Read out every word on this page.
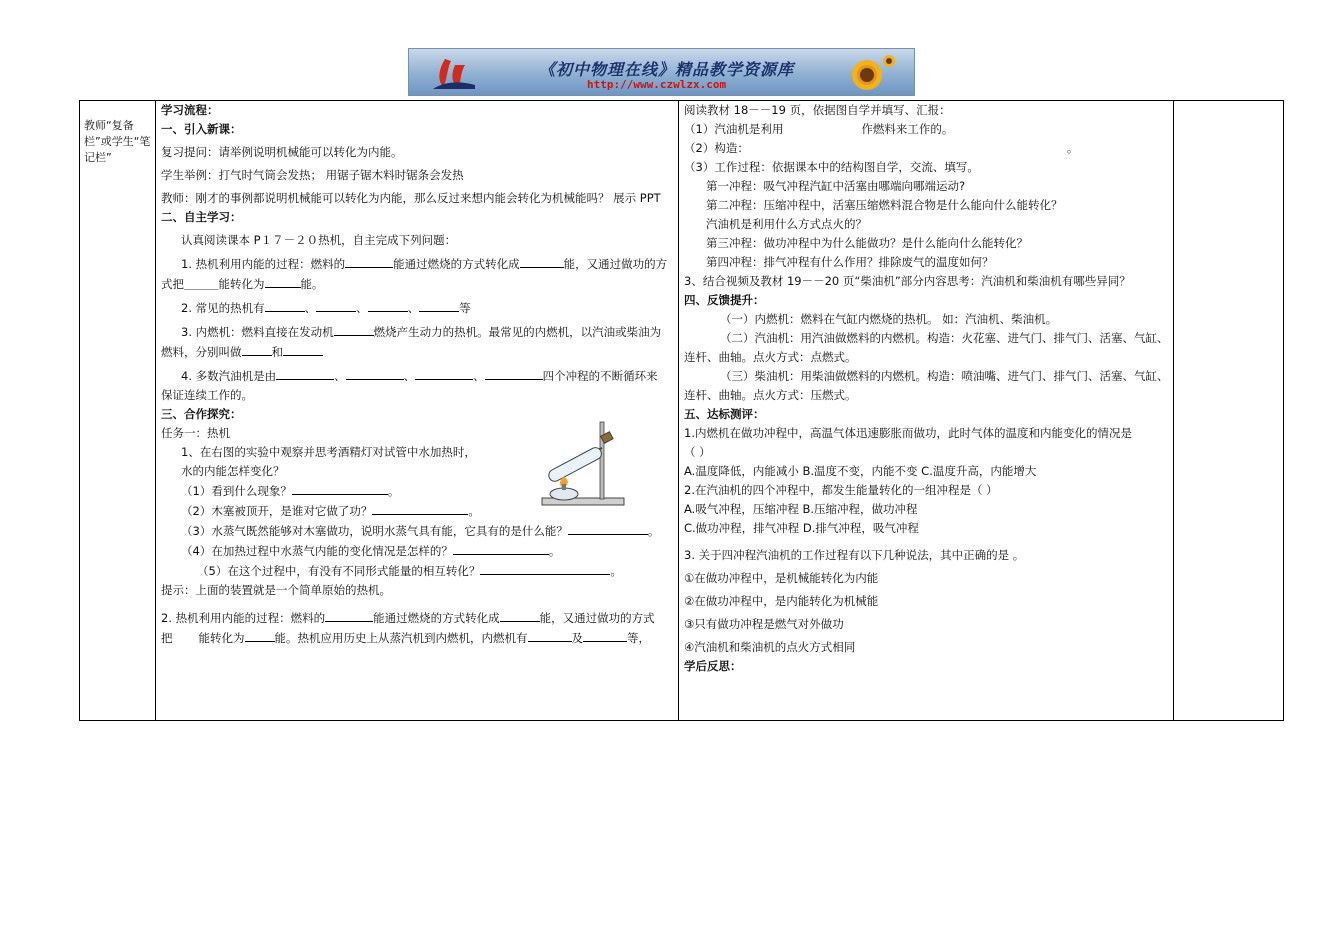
《初中物理在线》精品教学资源库
http://www.czwlzx.com
教师“复备栏”或学生“笔记栏”
学习流程：
一、引入新课：
复习提问：请举例说明机械能可以转化为内能。
学生举例：打气时气筒会发热； 用锯子锯木料时锯条会发热
教师：刚才的事例都说明机械能可以转化为内能，那么反过来想内能会转化为机械能吗？ 展示 PPT
二、自主学习：
认真阅读课本 P１７－２０热机，自主完成下列问题：
1. 热机利用内能的过程：燃料的	能通过燃烧的方式转化成	能，又通过做功的方
式把＿＿＿能转化为	能。
2. 常见的热机有	、	、	、	等
3. 内燃机：燃料直接在发动机	燃烧产生动力的热机。最常见的内燃机，以汽油或柴油为
燃料，分别叫做	和
4. 多数汽油机是由	、	、	、	四个冲程的不断循环来
保证连续工作的。
三、合作探究：
任务一：热机
1、在右图的实验中观察并思考酒精灯对试管中水加热时，
水的内能怎样变化？
（1）看到什么现象？	。
（2）木塞被顶开，是谁对它做了功？	。
（3）水蒸气既然能够对木塞做功，说明水蒸气具有能，它具有的是什么能？	。
（4）在加热过程中水蒸气内能的变化情况是怎样的？	。
（5）在这个过程中，有没有不同形式能量的相互转化？	。
提示：上面的装置就是一个简单原始的热机。
2. 热机利用内能的过程：燃料的	能通过燃烧的方式转化成	能，又通过做功的方式
把 能转化为	能。热机应用历史上从蒸汽机到内燃机，内燃机有	及	等，
阅读教材 18－－19 页，依据图自学并填写、汇报：
（1）汽油机是利用	作燃料来工作的。
（2）构造：	。
（3）工作过程：依据课本中的结构图自学，交流、填写。
第一冲程：吸气冲程汽缸中活塞由哪端向哪端运动?
第二冲程：压缩冲程中，活塞压缩燃料混合物是什么能向什么能转化？
汽油机是利用什么方式点火的？
第三冲程：做功冲程中为什么能做功？是什么能向什么能转化？
第四冲程：排气冲程有什么作用？排除废气的温度如何？
3、结合视频及教材 19－－20 页“柴油机”部分内容思考：汽油机和柴油机有哪些异同？
四、反馈提升：
（一）内燃机：燃料在气缸内燃烧的热机。 如：汽油机、柴油机。
（二）汽油机：用汽油做燃料的内燃机。构造：火花塞、进气门、排气门、活塞、气缸、
连杆、曲轴。点火方式：点燃式。
（三）柴油机：用柴油做燃料的内燃机。构造：喷油嘴、进气门、排气门、活塞、气缸、
连杆、曲轴。点火方式：压燃式。
五、达标测评：
1.内燃机在做功冲程中，高温气体迅速膨胀而做功，此时气体的温度和内能变化的情况是
（ ）
A.温度降低，内能减小 B.温度不变，内能不变 C.温度升高，内能增大
2.在汽油机的四个冲程中，都发生能量转化的一组冲程是（ ）
A.吸气冲程，压缩冲程 B.压缩冲程，做功冲程
C.做功冲程，排气冲程 D.排气冲程，吸气冲程
3. 关于四冲程汽油机的工作过程有以下几种说法，其中正确的是 。
①在做功冲程中，是机械能转化为内能
②在做功冲程中，是内能转化为机械能
③只有做功冲程是燃气对外做功
④汽油机和柴油机的点火方式相同
学后反思：
